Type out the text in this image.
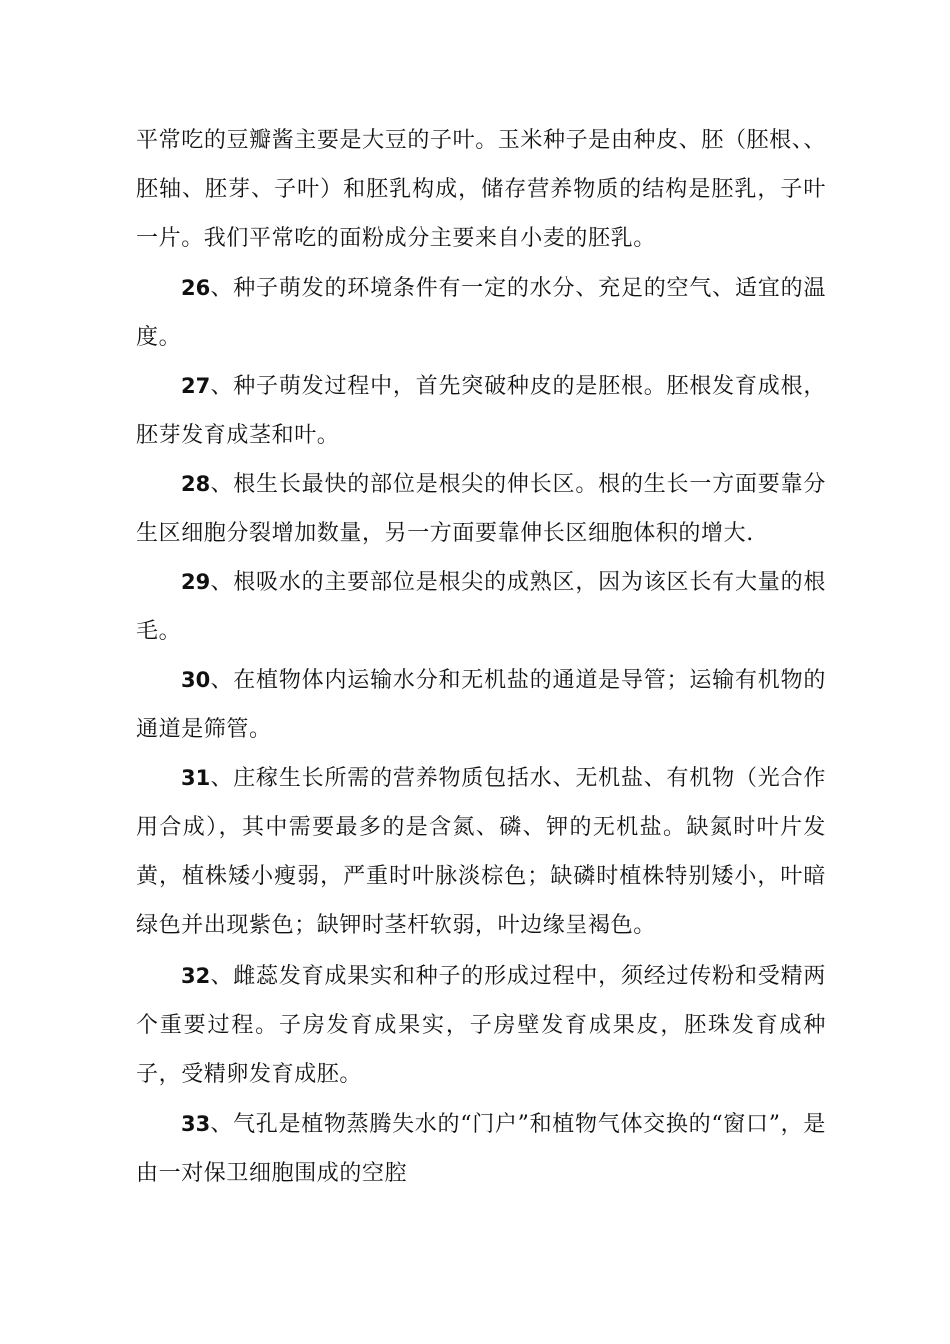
平常吃的豆瓣酱主要是大豆的子叶。玉米种子是由种皮、胚（胚根、、胚轴、胚芽、子叶）和胚乳构成，储存营养物质的结构是胚乳，子叶一片。我们平常吃的面粉成分主要来自小麦的胚乳。

26、种子萌发的环境条件有一定的水分、充足的空气、适宜的温度。

27、种子萌发过程中，首先突破种皮的是胚根。胚根发育成根，胚芽发育成茎和叶。

28、根生长最快的部位是根尖的伸长区。根的生长一方面要靠分生区细胞分裂增加数量，另一方面要靠伸长区细胞体积的增大.

29、根吸水的主要部位是根尖的成熟区，因为该区长有大量的根毛。

30、在植物体内运输水分和无机盐的通道是导管；运输有机物的通道是筛管。

31、庄稼生长所需的营养物质包括水、无机盐、有机物（光合作用合成），其中需要最多的是含氮、磷、钾的无机盐。缺氮时叶片发黄，植株矮小瘦弱，严重时叶脉淡棕色；缺磷时植株特别矮小，叶暗绿色并出现紫色；缺钾时茎杆软弱，叶边缘呈褐色。

32、雌蕊发育成果实和种子的形成过程中，须经过传粉和受精两个重要过程。子房发育成果实，子房壁发育成果皮，胚珠发育成种子，受精卵发育成胚。

33、气孔是植物蒸腾失水的“门户”和植物气体交换的“窗口”，是由一对保卫细胞围成的空腔
